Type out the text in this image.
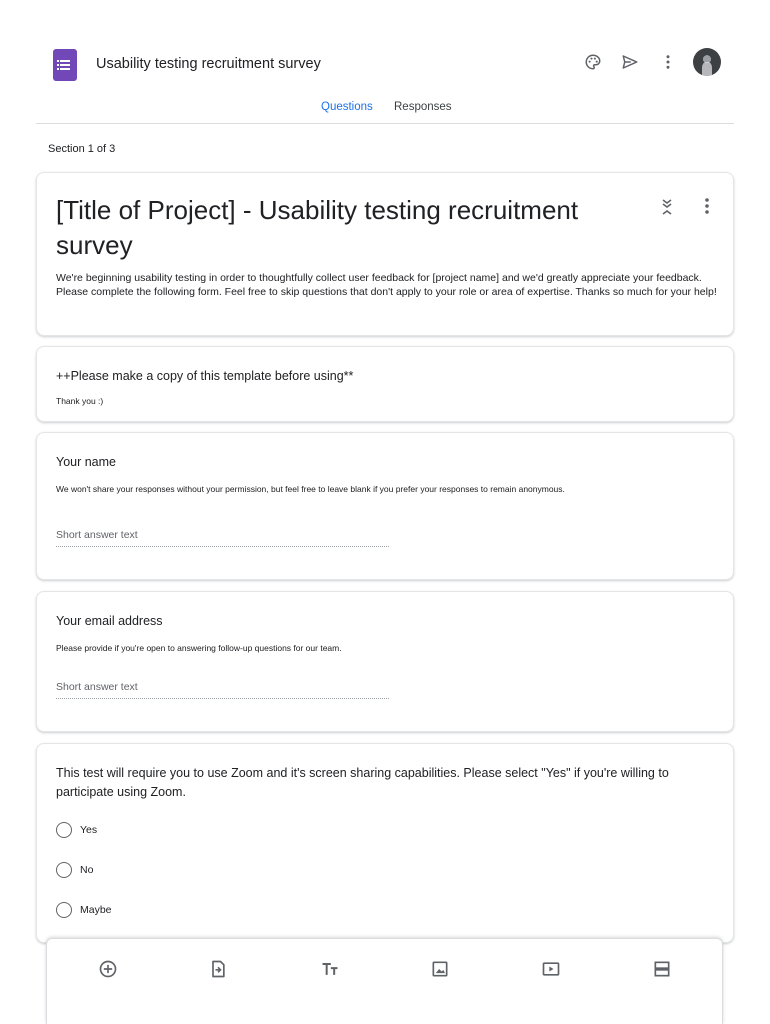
Usability testing recruitment survey
Questions Responses
Section 1 of 3
[Title of Project] - Usability testing recruitment survey
We're beginning usability testing in order to thoughtfully collect user feedback for [project name] and we'd greatly appreciate your feedback. Please complete the following form. Feel free to skip questions that don't apply to your role or area of expertise. Thanks so much for your help!
++Please make a copy of this template before using**
Thank you :)
Your name
We won't share your responses without your permission, but feel free to leave blank if you prefer your responses to remain anonymous.
Short answer text
Your email address
Please provide if you're open to answering follow-up questions for our team.
Short answer text
This test will require you to use Zoom and it's screen sharing capabilities. Please select "Yes" if you're willing to participate using Zoom.
Yes
No
Maybe
